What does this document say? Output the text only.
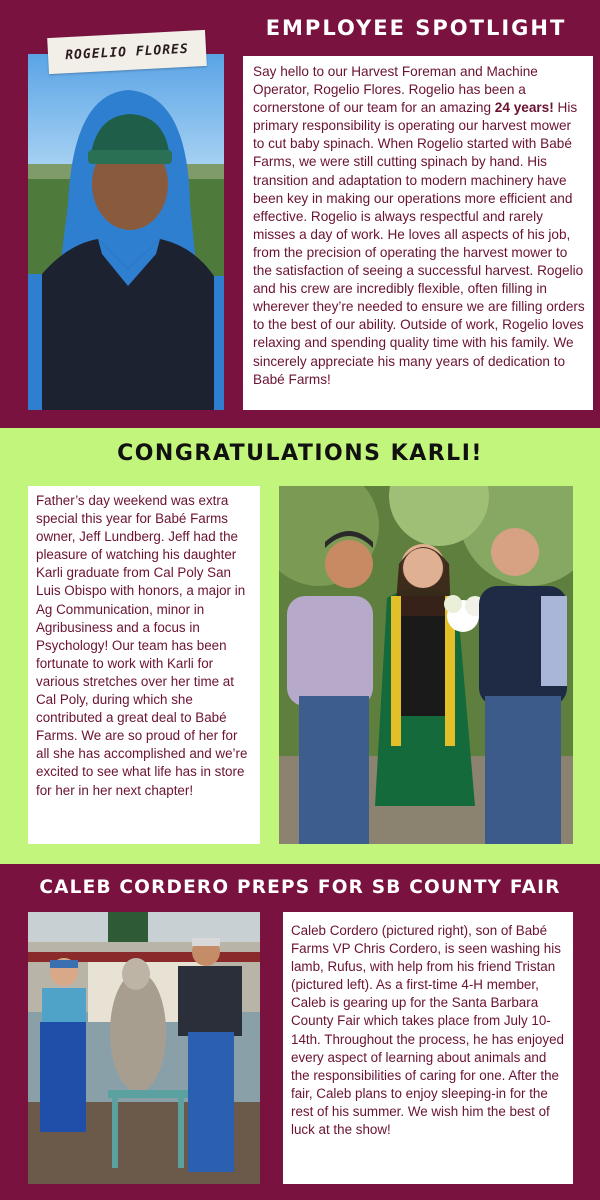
EMPLOYEE SPOTLIGHT
ROGELIO FLORES
Say hello to our Harvest Foreman and Machine Operator, Rogelio Flores. Rogelio has been a cornerstone of our team for an amazing 24 years! His primary responsibility is operating our harvest mower to cut baby spinach. When Rogelio started with Babé Farms, we were still cutting spinach by hand. His transition and adaptation to modern machinery have been key in making our operations more efficient and effective. Rogelio is always respectful and rarely misses a day of work. He loves all aspects of his job, from the precision of operating the harvest mower to the satisfaction of seeing a successful harvest. Rogelio and his crew are incredibly flexible, often filling in wherever they’re needed to ensure we are filling orders to the best of our ability. Outside of work, Rogelio loves relaxing and spending quality time with his family. We sincerely appreciate his many years of dedication to Babé Farms!
CONGRATULATIONS KARLI!
Father’s day weekend was extra special this year for Babé Farms owner, Jeff Lundberg. Jeff had the pleasure of watching his daughter Karli graduate from Cal Poly San Luis Obispo with honors, a major in Ag Communication, minor in Agribusiness and a focus in Psychology! Our team has been fortunate to work with Karli for various stretches over her time at Cal Poly, during which she contributed a great deal to Babé Farms. We are so proud of her for all she has accomplished and we’re excited to see what life has in store for her in her next chapter!
CALEB CORDERO PREPS FOR SB COUNTY FAIR
Caleb Cordero (pictured right), son of Babé Farms VP Chris Cordero, is seen washing his lamb, Rufus, with help from his friend Tristan (pictured left). As a first-time 4-H member, Caleb is gearing up for the Santa Barbara County Fair which takes place from July 10-14th. Throughout the process, he has enjoyed every aspect of learning about animals and the responsibilities of caring for one. After the fair, Caleb plans to enjoy sleeping-in for the rest of his summer. We wish him the best of luck at the show!
